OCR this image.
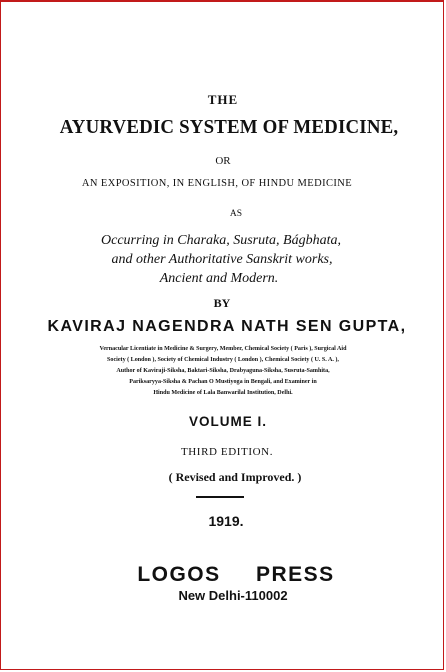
THE
AYURVEDIC SYSTEM OF MEDICINE,
OR
AN EXPOSITION, IN ENGLISH, OF HINDU MEDICINE
AS
Occurring in Charaka, Susruta, Bágbhata,
and other Authoritative Sanskrit works,
Ancient and Modern.
BY
KAVIRAJ NAGENDRA NATH SEN GUPTA,
Vernacular Licentiate in Medicine & Surgery, Member, Chemical Society ( Paris ), Surgical Aid
Society ( London ), Society of Chemical Industry ( London ), Chemical Society ( U. S. A. ),
Author of Kaviraji-Siksha, Baktari-Siksha, Drabyaguna-Siksha, Susruta-Samhita,
Pariksaryya-Siksha & Pachan O Mustiyoga in Bengali, and Examiner in
Hindu Medicine of Lala Banwarilal Institution, Delhi.
VOLUME I.
THIRD EDITION.
( Revised and Improved. )
1919.
LOGOS PRESS
New Delhi-110002
